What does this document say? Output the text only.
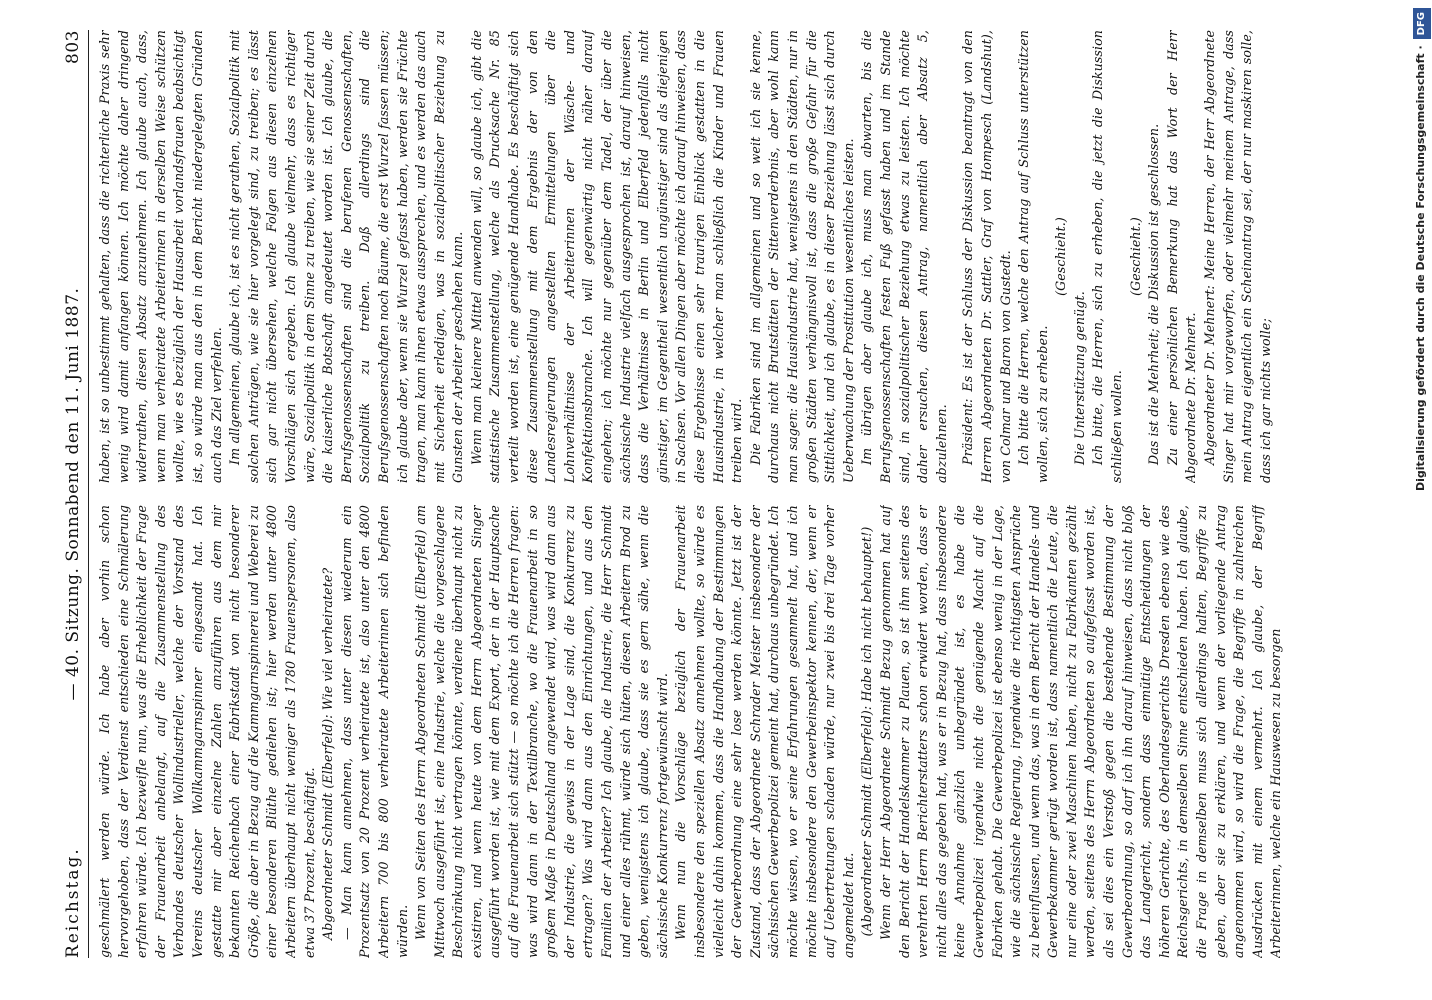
Reichstag.
— 40. Sitzung. Sonnabend den 11. Juni 1887.
803

geschmälert werden würde. Ich habe aber vorhin schon hervorgehoben, dass der Verdienst entschieden eine Schmälerung erfahren würde. Ich bezweifle nun, was die Erheblichkeit der Frage der Frauenarbeit anbelangt, auf die Zusammenstellung des Verbandes deutscher Wollindustrieller, welche der Vorstand des Vereins deutscher Wollkammgarnspinner eingesandt hat. Ich gestatte mir aber einzelne Zahlen anzuführen aus dem mir bekannten Reichenbach einer Fabrikstadt von nicht besonderer Größe, die aber in Bezug auf die Kammgarnspinnerei und Weberei zu einer besonderen Blüthe gediehen ist; hier werden unter 4800 Arbeitern überhaupt nicht weniger als 1780 Frauenspersonen, also etwa 37 Prozent, beschäftigt. Abgeordneter Schmidt (Elberfeld): Wie viel verheiratete? — Man kann annehmen, dass unter diesen wiederum ein Prozentsatz von 20 Prozent verheiratete ist, also unter den 4800 Arbeitern 700 bis 800 verheiratete Arbeiterinnen sich befinden würden. Wenn von Seiten des Herrn Abgeordneten Schmidt (Elberfeld) am Mittwoch ausgeführt ist, eine Industrie, welche die vorgeschlagene Beschränkung nicht vertragen könnte, verdiene überhaupt nicht zu existiren, und wenn heute von dem Herrn Abgeordneten Singer ausgeführt worden ist, wie mit dem Export, der in der Hauptsache auf die Frauenarbeit sich stützt — so möchte ich die Herren fragen: was wird dann in der Textilbranche, wo die Frauenarbeit in so großem Maße in Deutschland angewendet wird, was wird dann aus der Industrie, die gewiss in der Lage sind, die Konkurrenz zu ertragen? Was wird dann aus den Einrichtungen, und aus den Familien der Arbeiter? Ich glaube, die Industrie, die Herr Schmidt und einer alles rühmt, würde sich hüten, diesen Arbeitern Brod zu geben, wenigstens ich glaube, dass sie es gern sähe, wenn die sächsische Konkurrenz fortgewünscht wird. Wenn nun die Vorschläge bezüglich der Frauenarbeit insbesondere den speziellen Absatz annehmen wollte, so würde es vielleicht dahin kommen, dass die Handhabung der Bestimmungen der Gewerbeordnung eine sehr lose werden könnte. Jetzt ist der Zustand, dass der Abgeordnete Schrader Meister insbesondere der sächsischen Gewerbepolizei gemeint hat, durchaus unbegründet. Ich möchte wissen, wo er seine Erfahrungen gesammelt hat, und ich möchte insbesondere den Gewerbeinspektor kennen, der, wenn er auf Uebertretungen schaden würde, nur zwei bis drei Tage vorher angemeldet hat. (Abgeordneter Schmidt (Elberfeld): Habe ich nicht behauptet!) Wenn der Herr Abgeordnete Schmidt Bezug genommen hat auf den Bericht der Handelskammer zu Plauen, so ist ihm seitens des verehrten Herrn Berichterstatters schon erwidert worden, dass er nicht alles das gegeben hat, was er in Bezug hat, dass insbesondere keine Annahme gänzlich unbegründet ist, es habe die Gewerbepolizei irgendwie nicht die genügende Macht auf die Fabriken gehabt. Die Gewerbepolizei ist ebenso wenig in der Lage, wie die sächsische Regierung, irgendwie die richtigsten Ansprüche zu beeinflussen, und wenn das, was in dem Bericht der Handels- und Gewerbekammer gerügt worden ist, dass namentlich die Leute, die nur eine oder zwei Maschinen haben, nicht zu Fabrikanten gezählt werden, seitens des Herrn Abgeordneten so aufgefasst worden ist, als sei dies ein Verstoß gegen die bestehende Bestimmung der Gewerbeordnung, so darf ich ihn darauf hinweisen, dass nicht bloß das Landgericht, sondern dass einmütige Entscheidungen der höheren Gerichte, des Oberlandesgerichts Dresden ebenso wie des Reichsgerichts, in demselben Sinne entschieden haben. Ich glaube, die Frage in demselben muss sich allerdings halten, Begriffe zu geben, aber sie zu erklären, und wenn der vorliegende Antrag angenommen wird, so wird die Frage, die Begriffe in zahlreichen Ausdrücken mit einem vermehrt. Ich glaube, der Begriff Arbeiterinnen, welche ein Hauswesen zu besorgen

haben, ist so unbestimmt gehalten, dass die richterliche Praxis sehr wenig wird damit anfangen können. Ich möchte daher dringend widerrathen, diesen Absatz anzunehmen. Ich glaube auch, dass, wenn man verheiratete Arbeiterinnen in derselben Weise schützen wollte, wie es bezüglich der Hausarbeit vorlandsfrauen beabsichtigt ist, so würde man aus den in dem Bericht niedergelegten Gründen auch das Ziel verfehlen. Im allgemeinen, glaube ich, ist es nicht gerathen, Sozialpolitik mit solchen Anträgen, wie sie hier vorgelegt sind, zu treiben; es lässt sich gar nicht übersehen, welche Folgen aus diesen einzelnen Vorschlägen sich ergeben. Ich glaube vielmehr, dass es richtiger wäre, Sozialpolitik in dem Sinne zu treiben, wie sie seiner Zeit durch die kaiserliche Botschaft angedeutet worden ist. Ich glaube, die Berufsgenossenschaften sind die berufenen Genossenschaften, Sozialpolitik zu treiben. Daß allerdings sind die Berufsgenossenschaften noch Bäume, die erst Wurzel fassen müssen; ich glaube aber, wenn sie Wurzel gefasst haben, werden sie Früchte tragen, man kann ihnen etwas aussprechen, und es werden das auch mit Sicherheit erledigen, was in sozialpolitischer Beziehung zu Gunsten der Arbeiter geschehen kann. Wenn man kleinere Mittel anwenden will, so glaube ich, gibt die statistische Zusammenstellung, welche als Drucksache Nr. 85 verteilt worden ist, eine genügende Handhabe. Es beschäftigt sich diese Zusammenstellung mit dem Ergebnis der von den Landesregierungen angestellten Ermittelungen über die Lohnverhältnisse der Arbeiterinnen der Wäsche- und Konfektionsbranche. Ich will gegenwärtig nicht näher darauf eingehen; ich möchte nur gegenüber dem Tadel, der über die sächsische Industrie vielfach ausgesprochen ist, darauf hinweisen, dass die Verhältnisse in Berlin und Elberfeld jedenfalls nicht günstiger, im Gegentheil wesentlich ungünstiger sind als diejenigen in Sachsen. Vor allen Dingen aber möchte ich darauf hinweisen, dass diese Ergebnisse einen sehr traurigen Einblick gestatten in die Hausindustrie, in welcher man schließlich die Kinder und Frauen treiben wird. Die Fabriken sind im allgemeinen und so weit ich sie kenne, durchaus nicht Brutstätten der Sittenverderbnis, aber wohl kann man sagen: die Hausindustrie hat, wenigstens in den Städten, nur in großen Städten verhängnisvoll ist, dass die große Gefahr für die Sittlichkeit, und ich glaube, es in dieser Beziehung lässt sich durch Ueberwachung der Prostitution wesentliches leisten. Im übrigen aber glaube ich, muss man abwarten, bis die Berufsgenossenschaften festen Fuß gefasst haben und im Stande sind, in sozialpolitischer Beziehung etwas zu leisten. Ich möchte daher ersuchen, diesen Antrag, namentlich aber Absatz 5, abzulehnen. Präsident: Es ist der Schluss der Diskussion beantragt von den Herren Abgeordneten Dr. Sattler, Graf von Hompesch (Landshut), von Colmar und Baron von Gustedt. Ich bitte die Herren, welche den Antrag auf Schluss unterstützen wollen, sich zu erheben.

(Geschieht.)

Die Unterstützung genügt. Ich bitte, die Herren, sich zu erheben, die jetzt die Diskussion schließen wollen.

(Geschieht.) Das ist die Mehrheit; die Diskussion ist geschlossen. Zu einer persönlichen Bemerkung hat das Wort der Herr Abgeordnete Dr. Mehnert. Abgeordneter Dr. Mehnert: Meine Herren, der Herr Abgeordnete Singer hat mir vorgeworfen, oder vielmehr meinem Antrage, dass mein Antrag eigentlich ein Scheinantrag sei, der nur maskiren solle, dass ich gar nichts wolle;	Digitalisierung gefördert durch die Deutsche Forschungsgemeinschaft ·DFG
